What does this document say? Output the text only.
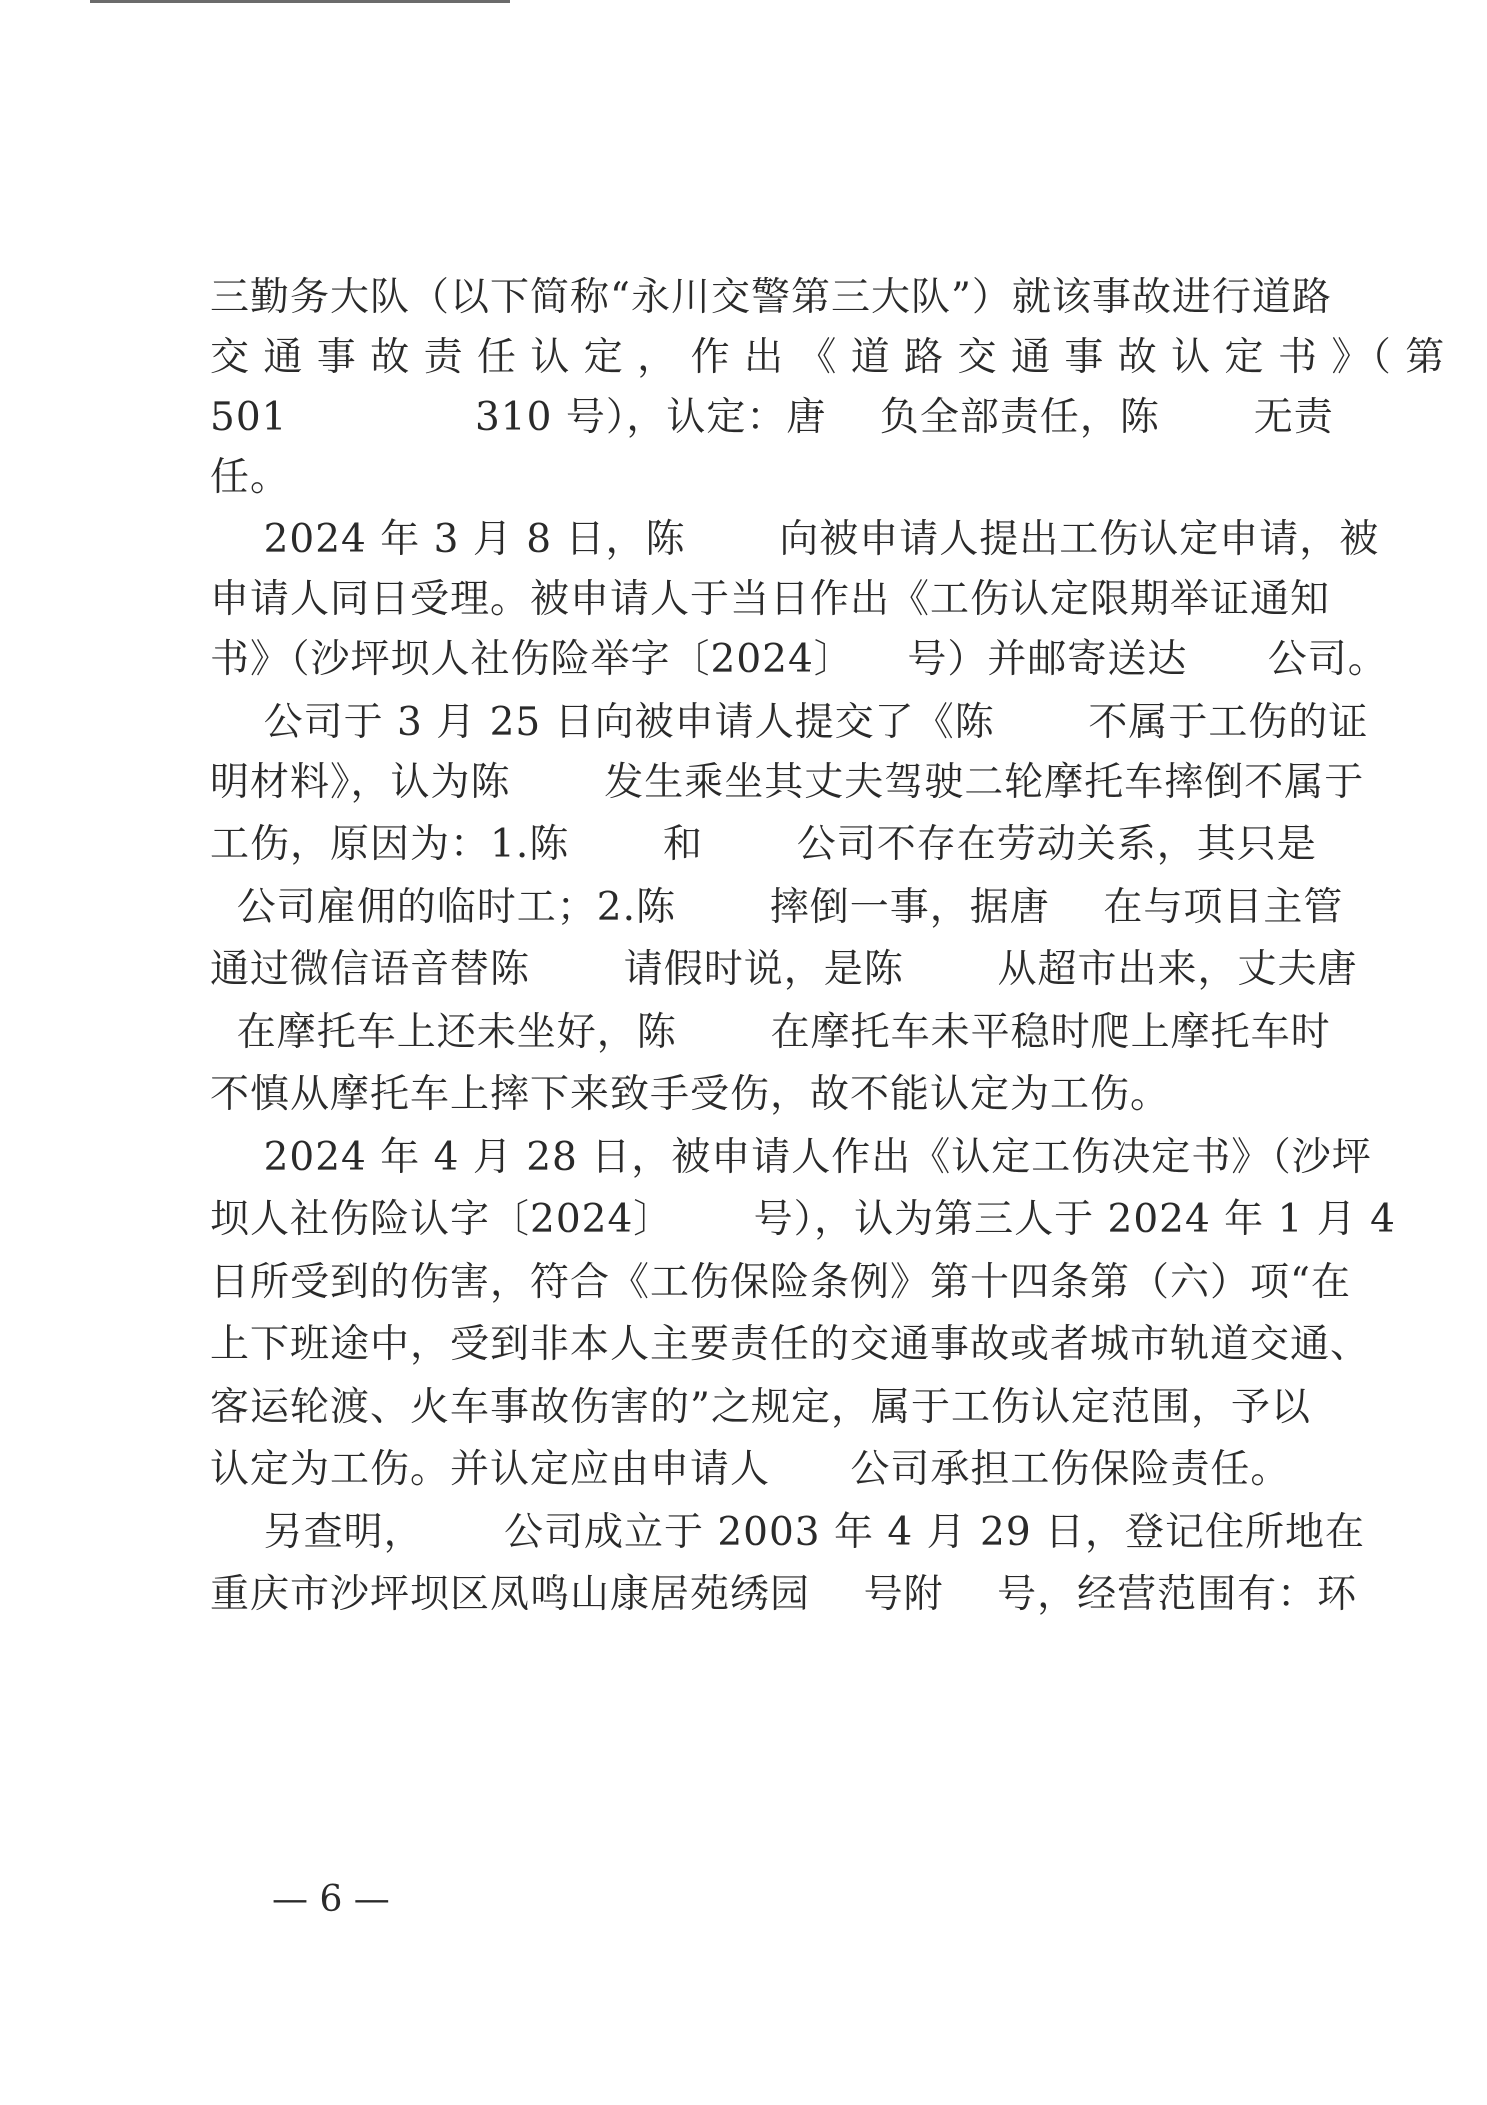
三勤务大队（以下简称“永川交警第三大队”）就该事故进行道路
交 通 事 故 责 任 认 定 ， 作 出 《 道 路 交 通 事 故 认 定 书 》（ 第
501              310 号），认定：唐    负全部责任，陈       无责
任。
2024 年 3 月 8 日，陈       向被申请人提出工伤认定申请，被
申请人同日受理。被申请人于当日作出《工伤认定限期举证通知
书》（沙坪坝人社伤险举字〔2024〕    号）并邮寄送达      公司。
公司于 3 月 25 日向被申请人提交了《陈       不属于工伤的证
明材料》，认为陈       发生乘坐其丈夫驾驶二轮摩托车摔倒不属于
工伤，原因为：1.陈       和       公司不存在劳动关系，其只是
公司雇佣的临时工；2.陈       摔倒一事，据唐    在与项目主管
通过微信语音替陈       请假时说，是陈       从超市出来，丈夫唐
在摩托车上还未坐好，陈       在摩托车未平稳时爬上摩托车时
不慎从摩托车上摔下来致手受伤，故不能认定为工伤。
2024 年 4 月 28 日，被申请人作出《认定工伤决定书》（沙坪
坝人社伤险认字〔2024〕      号），认为第三人于 2024 年 1 月 4
日所受到的伤害，符合《工伤保险条例》第十四条第（六）项“在
上下班途中，受到非本人主要责任的交通事故或者城市轨道交通、
客运轮渡、火车事故伤害的”之规定，属于工伤认定范围，予以
认定为工伤。并认定应由申请人      公司承担工伤保险责任。
另查明，      公司成立于 2003 年 4 月 29 日，登记住所地在
重庆市沙坪坝区凤鸣山康居苑绣园    号附    号，经营范围有：环
— 6 —
